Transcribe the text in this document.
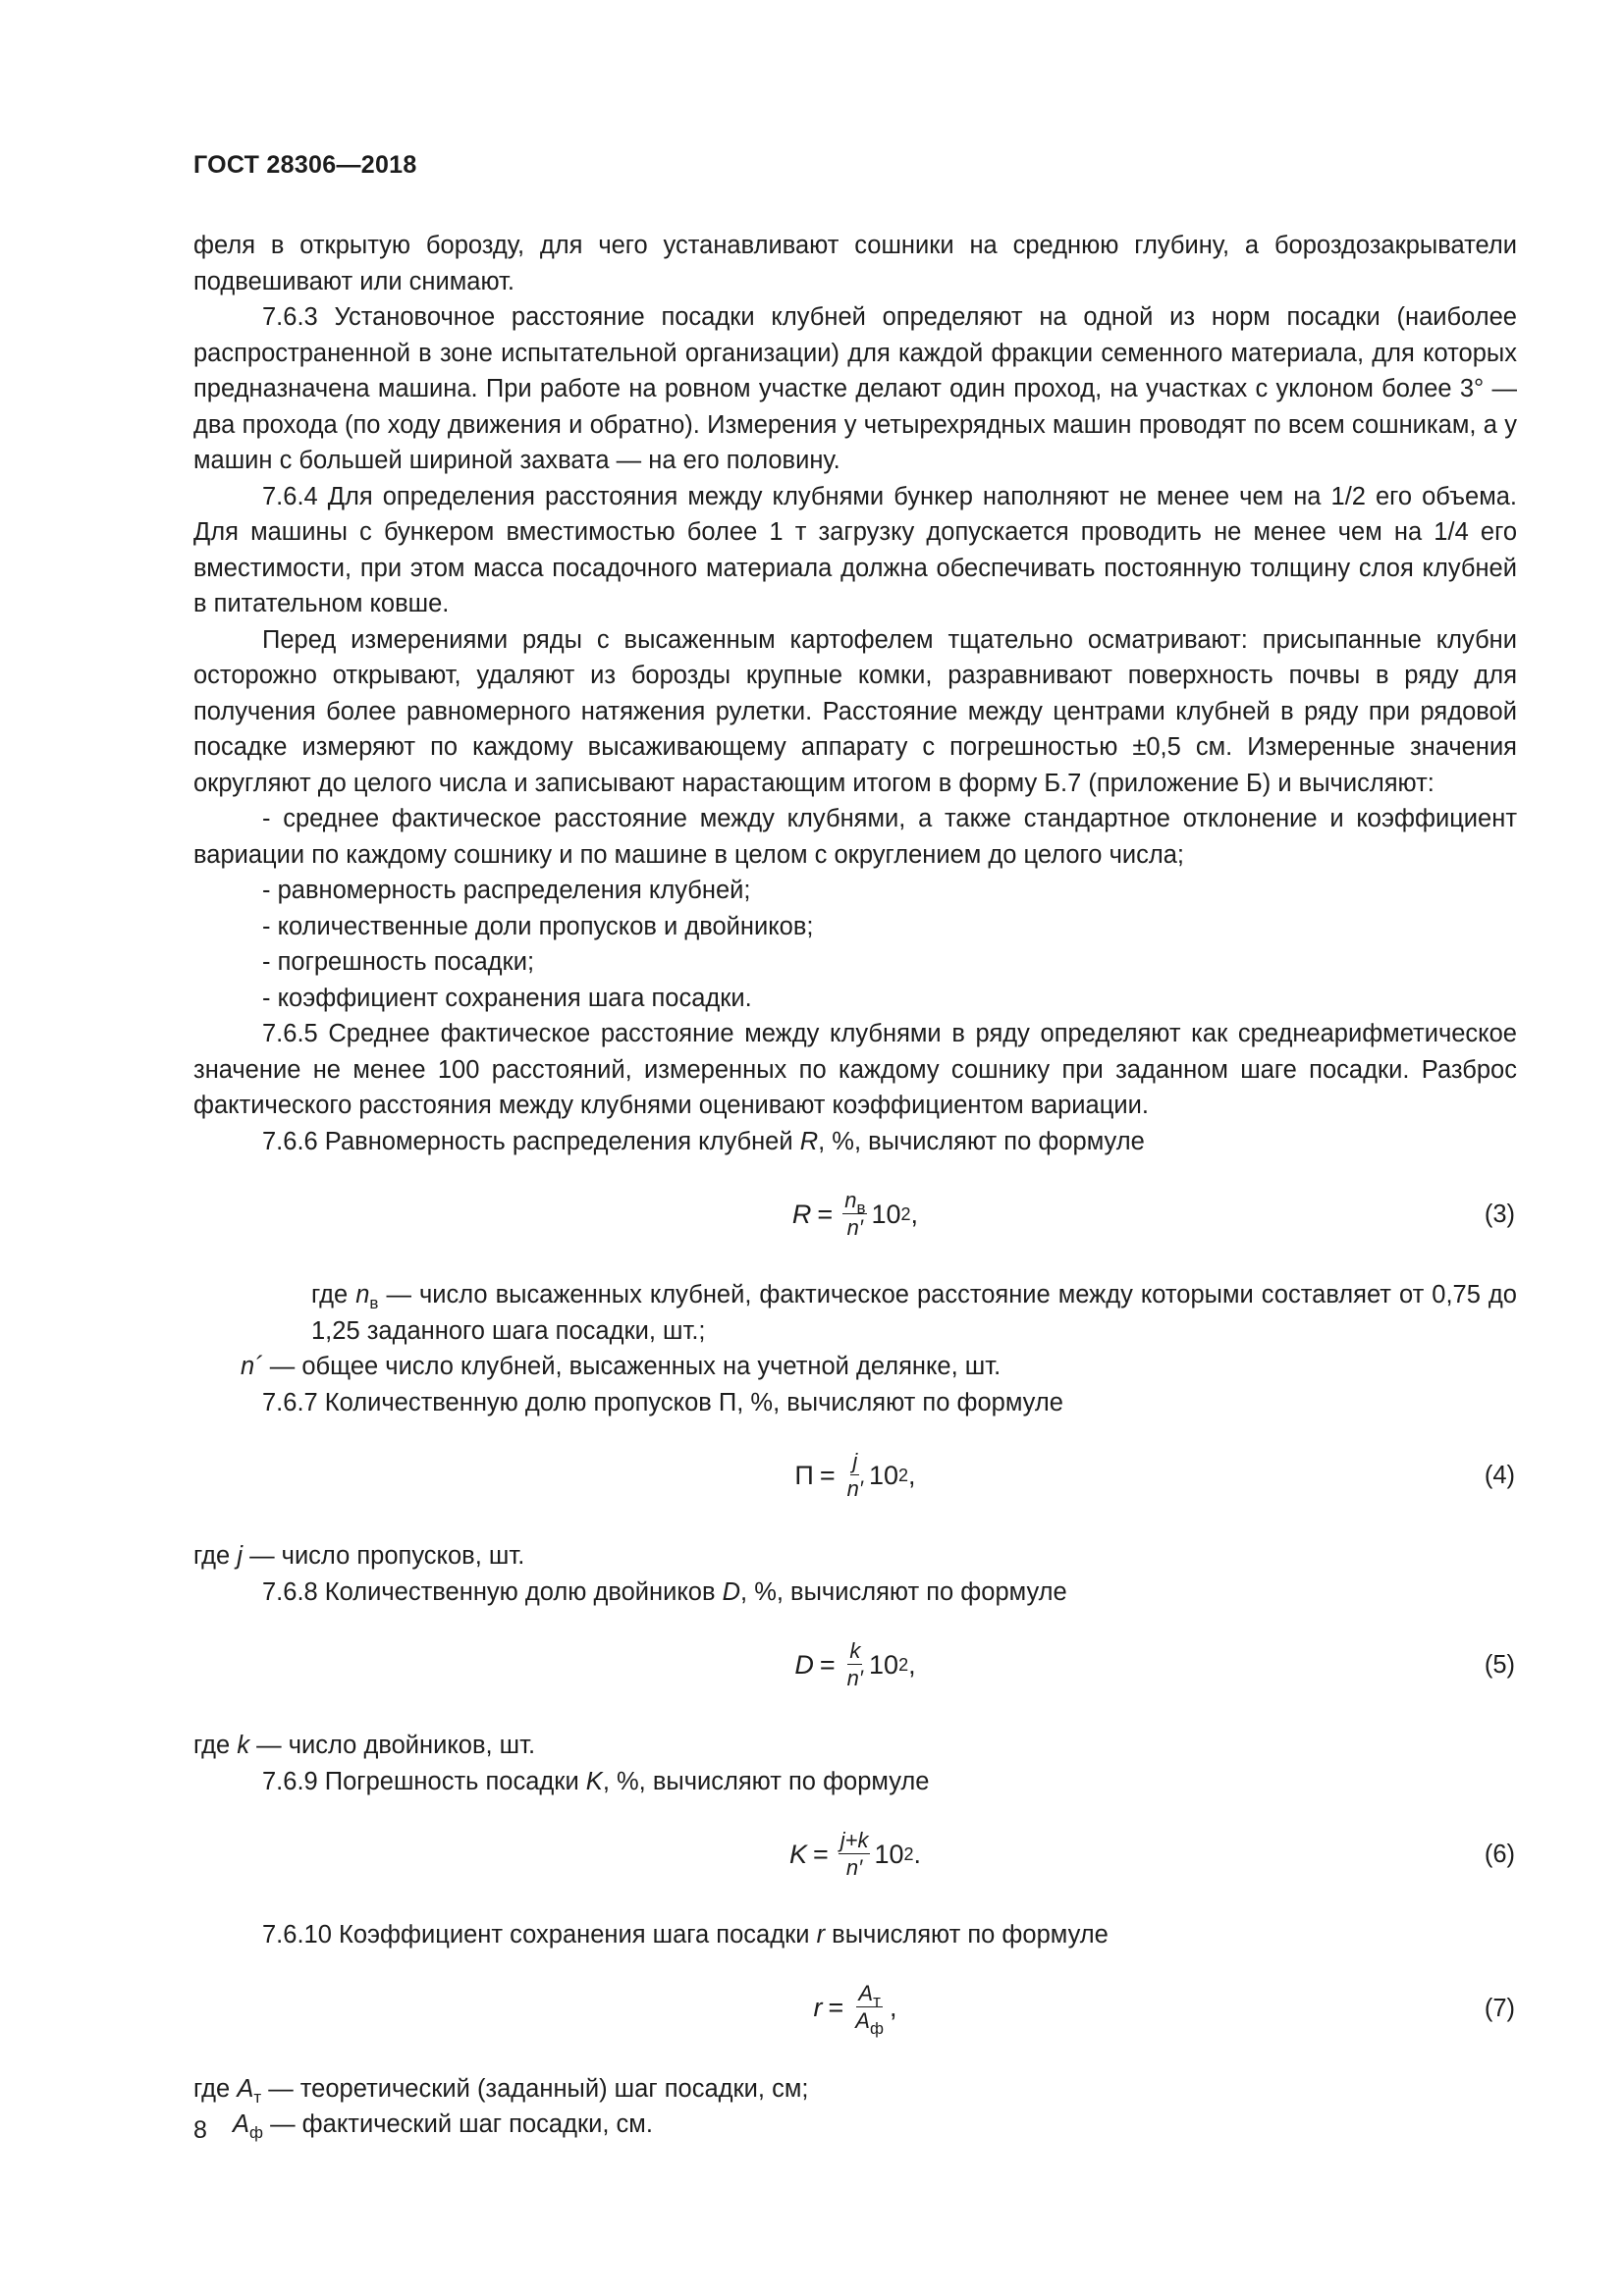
ГОСТ 28306—2018

феля в открытую борозду, для чего устанавливают сошники на среднюю глубину, а бороздозакрыватели подвешивают или снимают.

7.6.3 Установочное расстояние посадки клубней определяют на одной из норм посадки (наиболее распространенной в зоне испытательной организации) для каждой фракции семенного материала, для которых предназначена машина. При работе на ровном участке делают один проход, на участках с уклоном более 3° — два прохода (по ходу движения и обратно). Измерения у четырехрядных машин проводят по всем сошникам, а у машин с большей шириной захвата — на его половину.

7.6.4 Для определения расстояния между клубнями бункер наполняют не менее чем на 1/2 его объема. Для машины с бункером вместимостью более 1 т загрузку допускается проводить не менее чем на 1/4 его вместимости, при этом масса посадочного материала должна обеспечивать постоянную толщину слоя клубней в питательном ковше.

Перед измерениями ряды с высаженным картофелем тщательно осматривают: присыпанные клубни осторожно открывают, удаляют из борозды крупные комки, разравнивают поверхность почвы в ряду для получения более равномерного натяжения рулетки. Расстояние между центрами клубней в ряду при рядовой посадке измеряют по каждому высаживающему аппарату с погрешностью ±0,5 см. Измеренные значения округляют до целого числа и записывают нарастающим итогом в форму Б.7 (приложение Б) и вычисляют:

- среднее фактическое расстояние между клубнями, а также стандартное отклонение и коэффициент вариации по каждому сошнику и по машине в целом с округлением до целого числа;

- равномерность распределения клубней;

- количественные доли пропусков и двойников;

- погрешность посадки;

- коэффициент сохранения шага посадки.

7.6.5 Среднее фактическое расстояние между клубнями в ряду определяют как среднеарифметическое значение не менее 100 расстояний, измеренных по каждому сошнику при заданном шаге посадки. Разброс фактического расстояния между клубнями оценивают коэффициентом вариации.

7.6.6 Равномерность распределения клубней R, %, вычисляют по формуле

$R = \frac{n_в}{n'} 10$ 2 ,	(3)

где $n_в$ — число высаженных клубней, фактическое расстояние между которыми составляет от 0,75 до 1,25 заданного шага посадки, шт.;

n´ — общее число клубней, высаженных на учетной делянке, шт.

7.6.7 Количественную долю пропусков П, %, вычисляют по формуле

$П = \frac{j}{n'} 10$ 2 ,	(4)

где j — число пропусков, шт.

7.6.8 Количественную долю двойников D, %, вычисляют по формуле

$D = \frac{k}{n'} 10$ 2 ,	(5)

где k — число двойников, шт.

7.6.9 Погрешность посадки K, %, вычисляют по формуле

$K = \frac{j+k}{n'} 10$ 2 .	(6)

7.6.10 Коэффициент сохранения шага посадки r вычисляют по формуле

$r = \frac{A_т}{A_ф}$ ,	(7)

где $A_т$ — теоретический (заданный) шаг посадки, см;

$A_ф$ — фактический шаг посадки, см.

8
